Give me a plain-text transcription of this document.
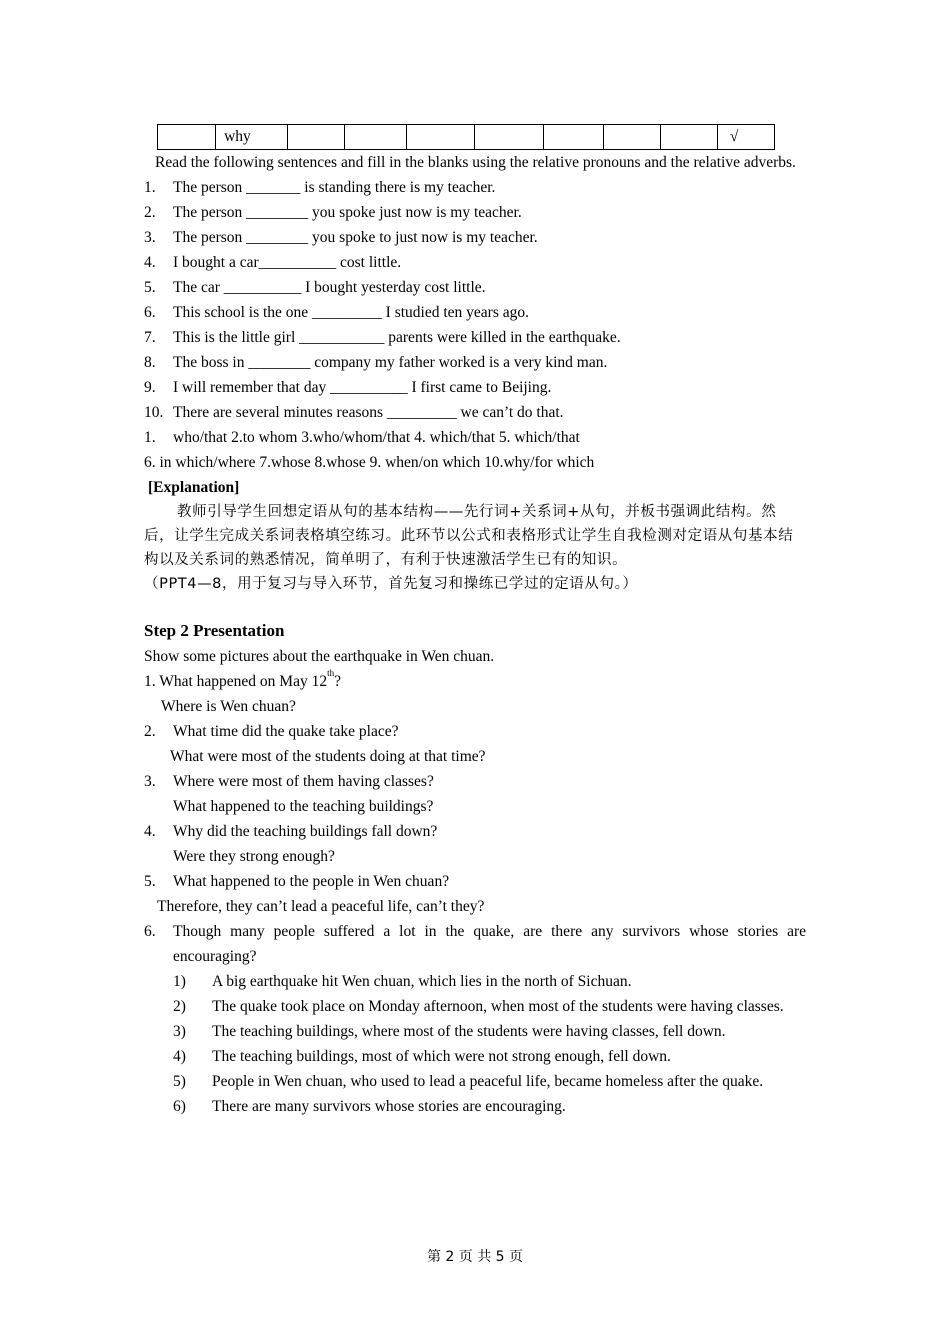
	why								√
Read the following sentences and fill in the blanks using the relative pronouns and the relative adverbs.
1. The person _______ is standing there is my teacher.
2. The person ________ you spoke just now is my teacher.
3. The person ________ you spoke to just now is my teacher.
4. I bought a car__________ cost little.
5. The car __________ I bought yesterday cost little.
6. This school is the one _________ I studied ten years ago.
7. This is the little girl ___________ parents were killed in the earthquake.
8. The boss in ________ company my father worked is a very kind man.
9. I will remember that day __________ I first came to Beijing.
10. There are several minutes reasons _________ we can’t do that.
1. who/that 2.to whom 3.who/whom/that 4. which/that 5. which/that
6. in which/where 7.whose 8.whose 9. when/on which 10.why/for which
[Explanation]
教师引导学生回想定语从句的基本结构——先行词+关系词+从句，并板书强调此结构。然后，让学生完成关系词表格填空练习。此环节以公式和表格形式让学生自我检测对定语从句基本结构以及关系词的熟悉情况，简单明了，有利于快速激活学生已有的知识。
（PPT4—8，用于复习与导入环节，首先复习和操练已学过的定语从句。）
Step 2 Presentation
Show some pictures about the earthquake in Wen chuan.
1. What happened on May 12th?
Where is Wen chuan?
2. What time did the quake take place?
What were most of the students doing at that time?
3. Where were most of them having classes?
What happened to the teaching buildings?
4. Why did the teaching buildings fall down?
Were they strong enough?
5. What happened to the people in Wen chuan?
Therefore, they can’t lead a peaceful life, can’t they?
6.	Though many people suffered a lot in the quake, are there any survivors whose stories are encouraging?
1)	A big earthquake hit Wen chuan, which lies in the north of Sichuan.
2)	The quake took place on Monday afternoon, when most of the students were having classes.
3)	The teaching buildings, where most of the students were having classes, fell down.
4)	The teaching buildings, most of which were not strong enough, fell down.
5)	People in Wen chuan, who used to lead a peaceful life, became homeless after the quake.
6)	There are many survivors whose stories are encouraging.
第 2 页 共 5 页
